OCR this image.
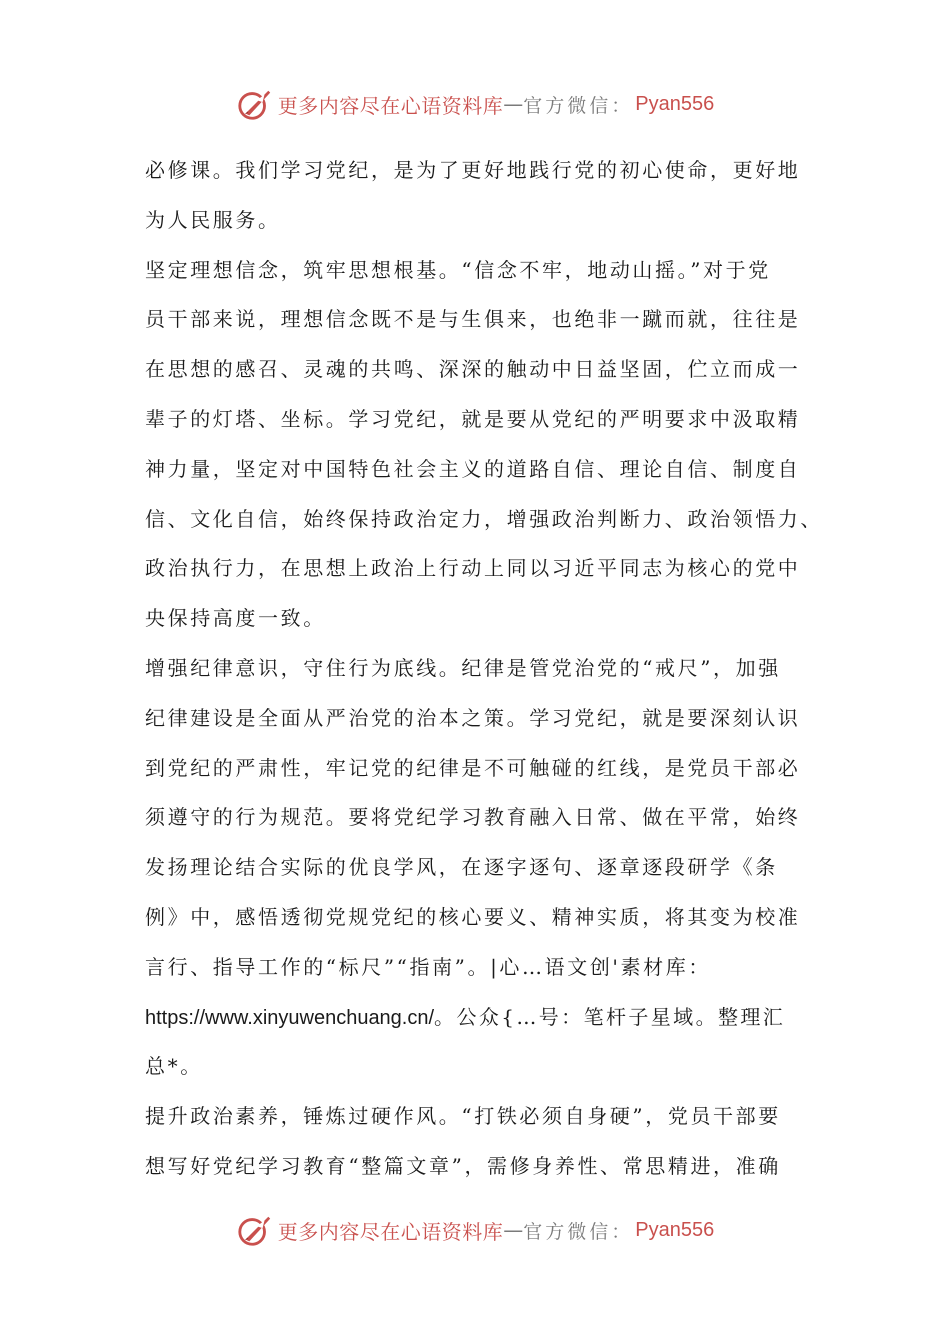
更多内容尽在心语资料库 — 官方微信： Pyan556
必修课。我们学习党纪，是为了更好地践行党的初心使命，更好地
为人民服务。
坚定理想信念，筑牢思想根基。“信念不牢，地动山摇。”对于党
员干部来说，理想信念既不是与生俱来，也绝非一蹴而就，往往是
在思想的感召、灵魂的共鸣、深深的触动中日益坚固，伫立而成一
辈子的灯塔、坐标。学习党纪，就是要从党纪的严明要求中汲取精
神力量，坚定对中国特色社会主义的道路自信、理论自信、制度自
信、文化自信，始终保持政治定力，增强政治判断力、政治领悟力、
政治执行力，在思想上政治上行动上同以习近平同志为核心的党中
央保持高度一致。
增强纪律意识，守住行为底线。纪律是管党治党的“戒尺”，加强
纪律建设是全面从严治党的治本之策。学习党纪，就是要深刻认识
到党纪的严肃性，牢记党的纪律是不可触碰的红线，是党员干部必
须遵守的行为规范。要将党纪学习教育融入日常、做在平常，始终
发扬理论结合实际的优良学风，在逐字逐句、逐章逐段研学《条
例》中，感悟透彻党规党纪的核心要义、精神实质，将其变为校准
言行、指导工作的“标尺”“指南”。|心…语文创'素材库：
https://www.xinyuwenchuang.cn/。公众{…号：笔杆子星域。整理汇
总*。
提升政治素养，锤炼过硬作风。“打铁必须自身硬”，党员干部要
想写好党纪学习教育“整篇文章”，需修身养性、常思精进，准确
更多内容尽在心语资料库 — 官方微信： Pyan556
